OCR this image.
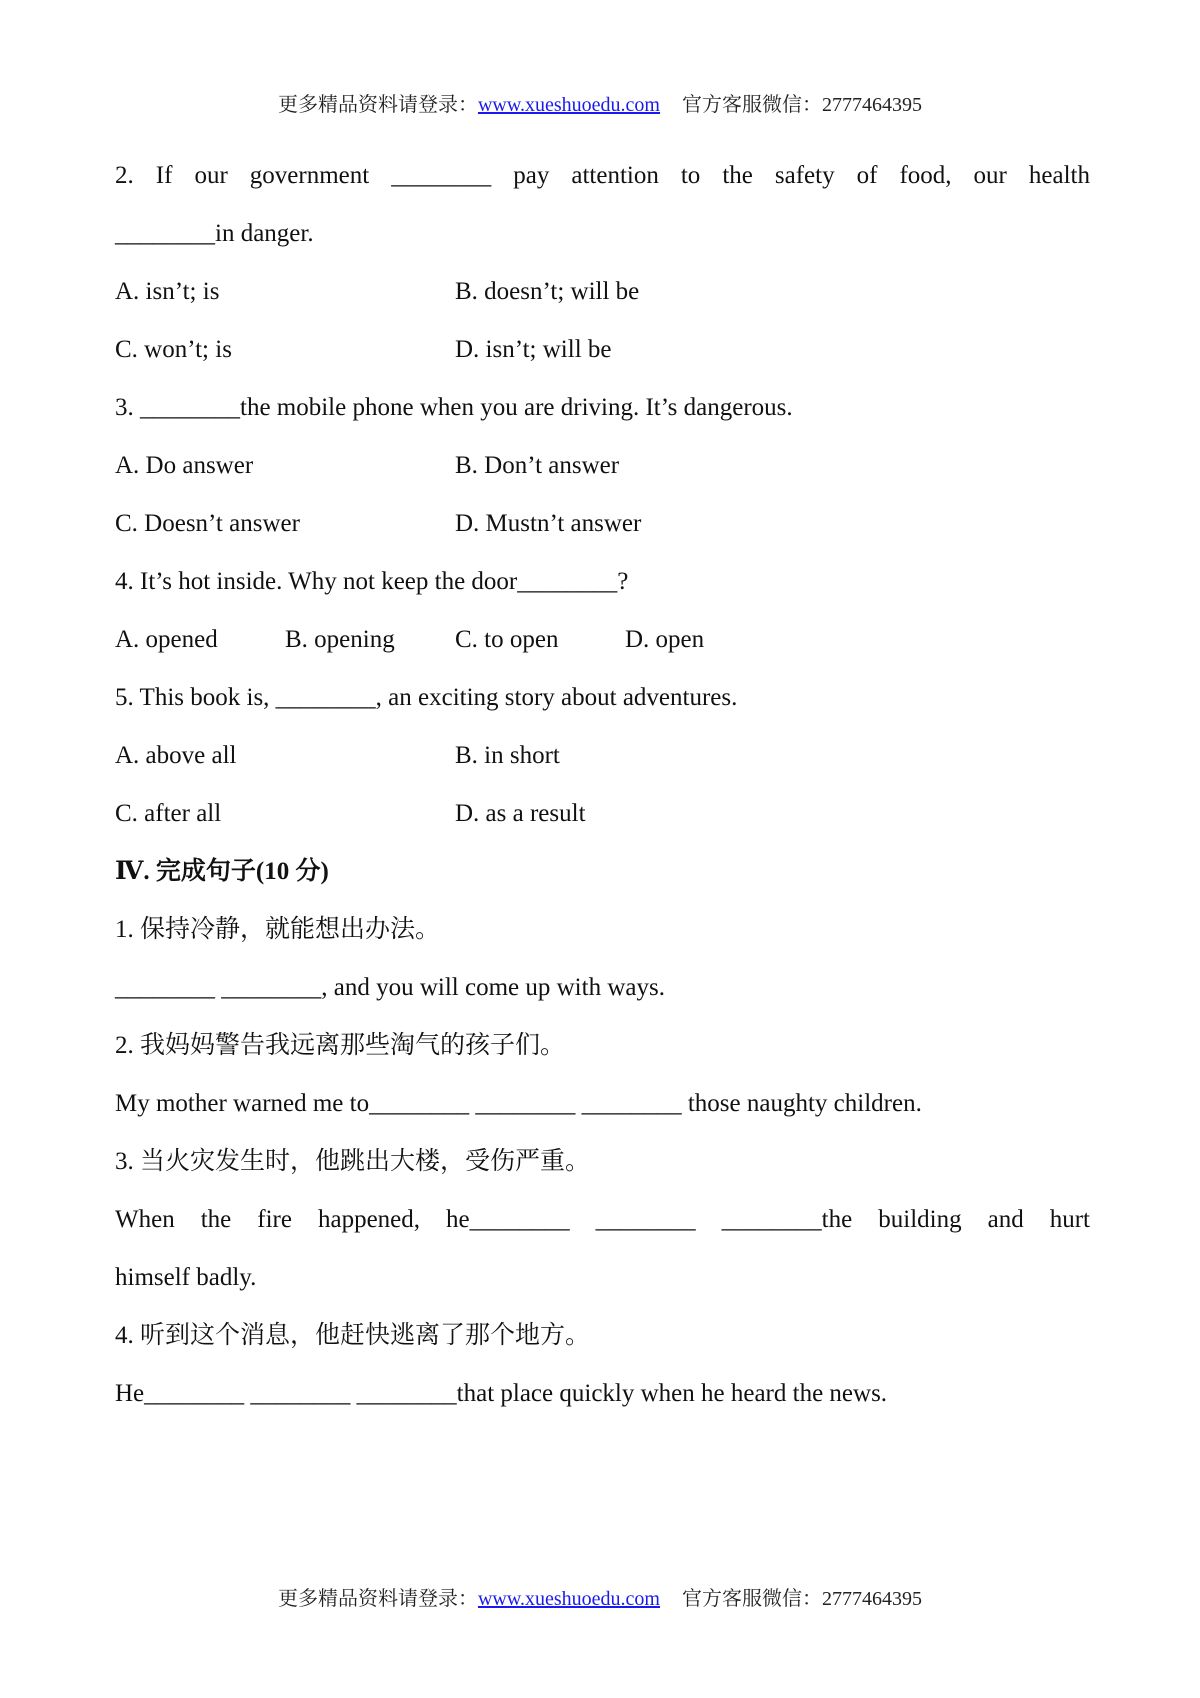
更多精品资料请登录：www.xueshuoedu.com 官方客服微信：2777464395
2. If our government ________ pay attention to the safety of food, our health
________in danger.
A. isn’t; is	B. doesn’t; will be
C. won’t; is	D. isn’t; will be
3. ________the mobile phone when you are driving. It’s dangerous.
A. Do answer	B. Don’t answer
C. Doesn’t answer	D. Mustn’t answer
4. It’s hot inside. Why not keep the door________?
A. opened	B. opening C. to open	D. open
5. This book is, ________, an exciting story about adventures.
A. above all	B. in short
C. after all	D. as a result
Ⅳ. 完成句子(10 分)
1. 保持冷静，就能想出办法。
________ ________, and you will come up with ways.
2. 我妈妈警告我远离那些淘气的孩子们。
My mother warned me to________ ________ ________ those naughty children.
3. 当火灾发生时，他跳出大楼，受伤严重。
When the fire happened, he________ ________ ________the building and hurt
himself badly.
4. 听到这个消息，他赶快逃离了那个地方。
He________ ________ ________that place quickly when he heard the news.
更多精品资料请登录：www.xueshuoedu.com 官方客服微信：2777464395
